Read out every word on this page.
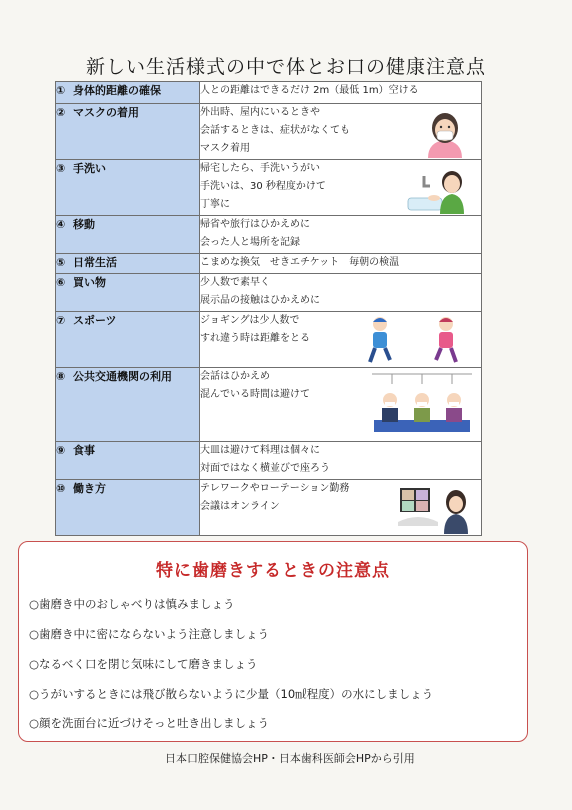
新しい生活様式の中で体とお口の健康注意点
① 身体的距離の確保	人との距離はできるだけ 2m（最低 1m）空ける

② マスクの着用	外出時、屋内にいるときや
会話するときは、症状がなくても
マスク着用

③ 手洗い	帰宅したら、手洗いうがい
手洗いは、30 秒程度かけて
丁寧に

④ 移動	帰省や旅行はひかえめに
会った人と場所を記録

⑤ 日常生活	こまめな換気　せきエチケット　毎朝の検温

⑥ 買い物	少人数で素早く
展示品の接触はひかえめに

⑦ スポーツ	ジョギングは少人数で
すれ違う時は距離をとる

⑧ 公共交通機関の利用	会話はひかえめ
混んでいる時間は避けて

⑨ 食事	大皿は避けて料理は個々に
対面ではなく横並びで座ろう

⑩ 働き方	テレワークやローテーション勤務
会議はオンライン
特に歯磨きするときの注意点
○歯磨き中のおしゃべりは慎みましょう
○歯磨き中に密にならないよう注意しましょう
○なるべく口を閉じ気味にして磨きましょう
○うがいするときには飛び散らないように少量（10㎖程度）の水にしましょう
○顔を洗面台に近づけそっと吐き出しましょう
日本口腔保健協会HP・日本歯科医師会HPから引用
